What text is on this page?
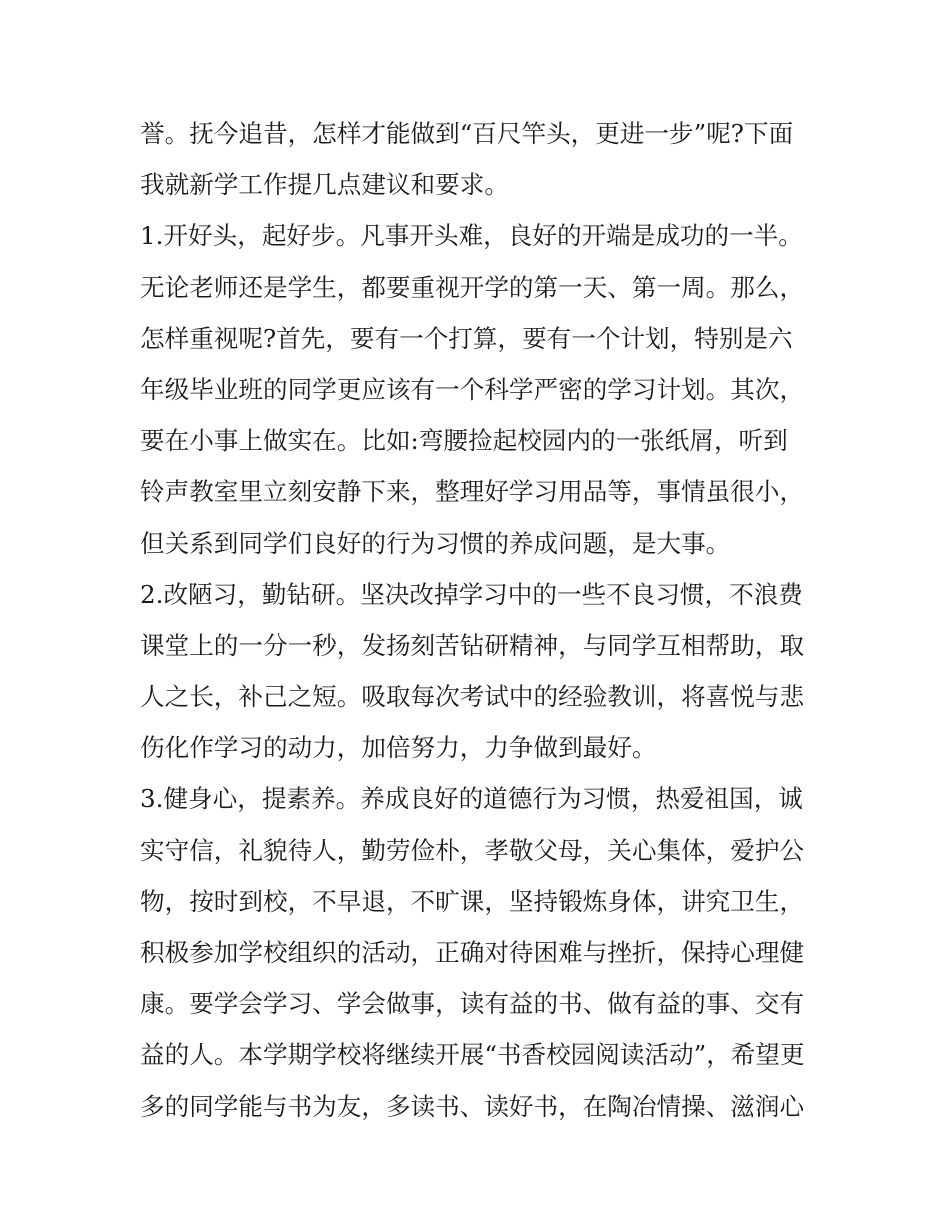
誉。抚今追昔，怎样才能做到“百尺竿头，更进一步”呢?下面
我就新学工作提几点建议和要求。
1.开好头，起好步。凡事开头难，良好的开端是成功的一半。
无论老师还是学生，都要重视开学的第一天、第一周。那么，
怎样重视呢?首先，要有一个打算，要有一个计划，特别是六
年级毕业班的同学更应该有一个科学严密的学习计划。其次，
要在小事上做实在。比如:弯腰捡起校园内的一张纸屑，听到
铃声教室里立刻安静下来，整理好学习用品等，事情虽很小，
但关系到同学们良好的行为习惯的养成问题，是大事。
2.改陋习，勤钻研。坚决改掉学习中的一些不良习惯，不浪费
课堂上的一分一秒，发扬刻苦钻研精神，与同学互相帮助，取
人之长，补己之短。吸取每次考试中的经验教训，将喜悦与悲
伤化作学习的动力，加倍努力，力争做到最好。
3.健身心，提素养。养成良好的道德行为习惯，热爱祖国，诚
实守信，礼貌待人，勤劳俭朴，孝敬父母，关心集体，爱护公
物，按时到校，不早退，不旷课，坚持锻炼身体，讲究卫生，
积极参加学校组织的活动，正确对待困难与挫折，保持心理健
康。要学会学习、学会做事，读有益的书、做有益的事、交有
益的人。本学期学校将继续开展“书香校园阅读活动”，希望更
多的同学能与书为友，多读书、读好书，在陶冶情操、滋润心
